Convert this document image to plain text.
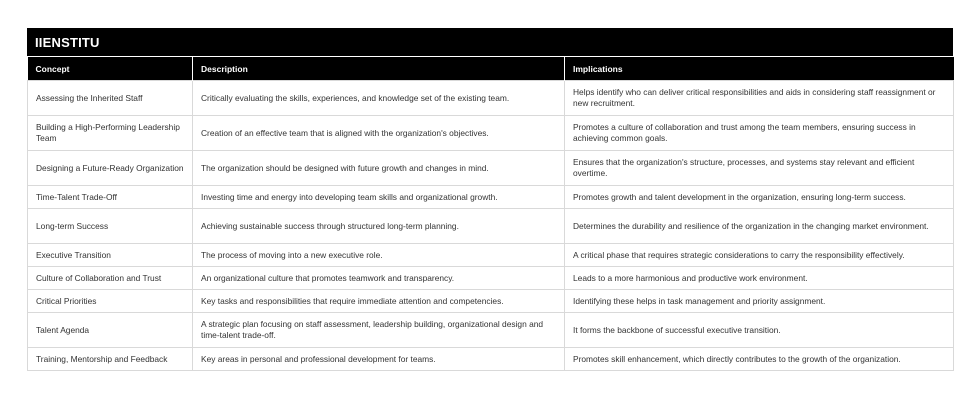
IIENSTITU
Concept	Description	Implications
Assessing the Inherited Staff	Critically evaluating the skills, experiences, and knowledge set of the existing team.	Helps identify who can deliver critical responsibilities and aids in considering staff reassignment or new recruitment.
Building a High-Performing Leadership Team	Creation of an effective team that is aligned with the organization's objectives.	Promotes a culture of collaboration and trust among the team members, ensuring success in achieving common goals.
Designing a Future-Ready Organization	The organization should be designed with future growth and changes in mind.	Ensures that the organization's structure, processes, and systems stay relevant and efficient overtime.
Time-Talent Trade-Off	Investing time and energy into developing team skills and organizational growth.	Promotes growth and talent development in the organization, ensuring long-term success.
Long-term Success	Achieving sustainable success through structured long-term planning.	Determines the durability and resilience of the organization in the changing market environment.
Executive Transition	The process of moving into a new executive role.	A critical phase that requires strategic considerations to carry the responsibility effectively.
Culture of Collaboration and Trust	An organizational culture that promotes teamwork and transparency.	Leads to a more harmonious and productive work environment.
Critical Priorities	Key tasks and responsibilities that require immediate attention and competencies.	Identifying these helps in task management and priority assignment.
Talent Agenda	A strategic plan focusing on staff assessment, leadership building, organizational design and time-talent trade-off.	It forms the backbone of successful executive transition.
Training, Mentorship and Feedback	Key areas in personal and professional development for teams.	Promotes skill enhancement, which directly contributes to the growth of the organization.
